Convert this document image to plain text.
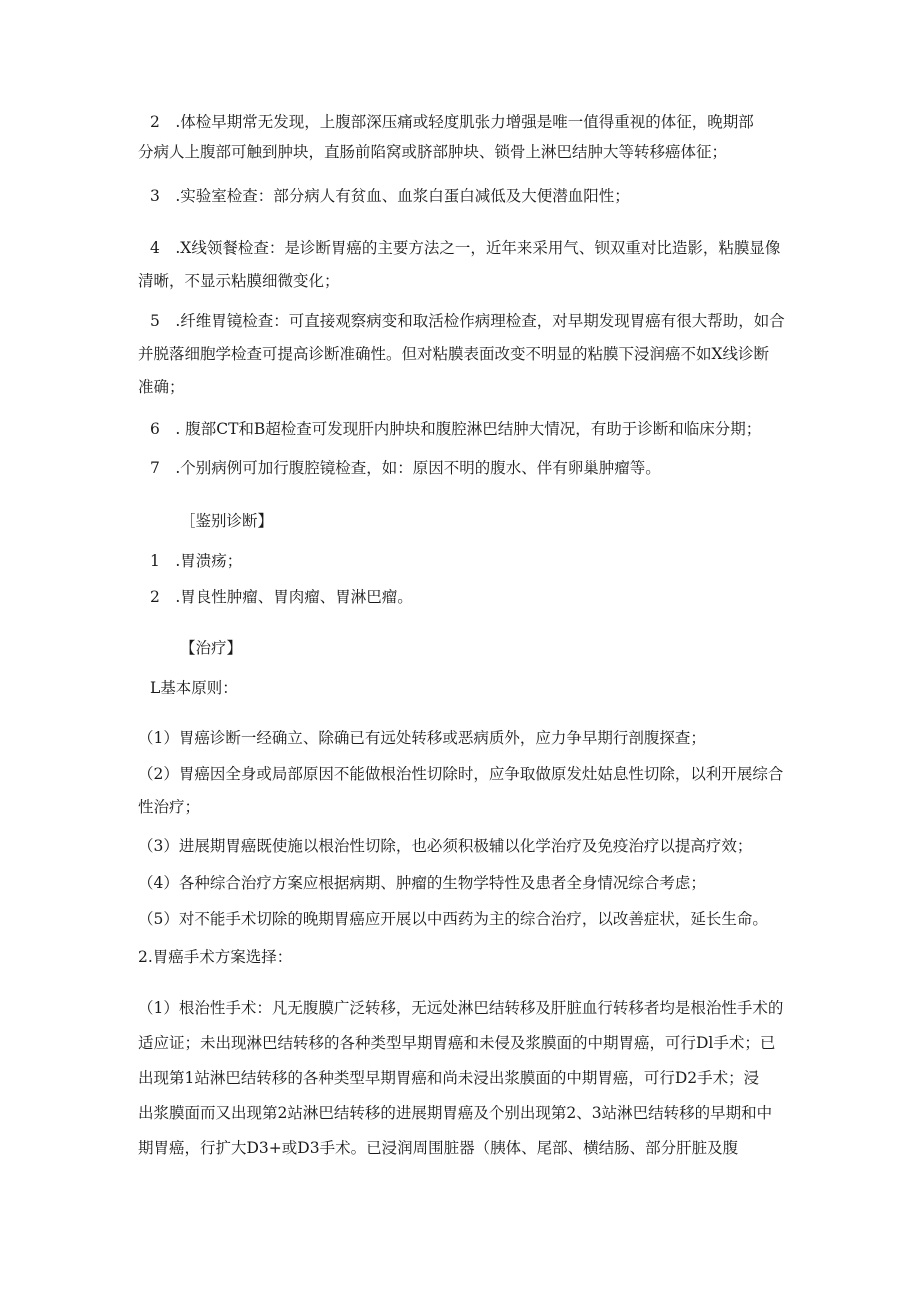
2　.体检早期常无发现，上腹部深压痛或轻度肌张力增强是唯一值得重视的体征，晚期部
分病人上腹部可触到肿块，直肠前陷窝或脐部肿块、锁骨上淋巴结肿大等转移癌体征；

3　.实验室检查：部分病人有贫血、血浆白蛋白减低及大便潜血阳性；

4　.X线领餐检查：是诊断胃癌的主要方法之一，近年来采用气、钡双重对比造影，粘膜显像
清晰，不显示粘膜细微变化；

5　.纤维胃镜检查：可直接观察病变和取活检作病理检查，对早期发现胃癌有很大帮助，如合
并脱落细胞学检查可提高诊断准确性。但对粘膜表面改变不明显的粘膜下浸润癌不如X线诊断
准确；

6　. 腹部CT和B超检查可发现肝内肿块和腹腔淋巴结肿大情况，有助于诊断和临床分期；

7　.个别病例可加行腹腔镜检查，如：原因不明的腹水、伴有卵巢肿瘤等。

［鉴别诊断】

1　.胃溃疡；

2　.胃良性肿瘤、胃肉瘤、胃淋巴瘤。

【治疗】

L基本原则：

（1）胃癌诊断一经确立、除确已有远处转移或恶病质外，应力争早期行剖腹探查；

（2）胃癌因全身或局部原因不能做根治性切除时，应争取做原发灶姑息性切除，以利开展综合
性治疗；

（3）进展期胃癌既使施以根治性切除，也必须积极辅以化学治疗及免疫治疗以提高疗效；

（4）各种综合治疗方案应根据病期、肿瘤的生物学特性及患者全身情况综合考虑；

（5）对不能手术切除的晚期胃癌应开展以中西药为主的综合治疗，以改善症状，延长生命。

2.胃癌手术方案选择：

（1）根治性手术：凡无腹膜广泛转移，无远处淋巴结转移及肝脏血行转移者均是根治性手术的
适应证；未出现淋巴结转移的各种类型早期胃癌和未侵及浆膜面的中期胃癌，可行Dl手术；已
出现第1站淋巴结转移的各种类型早期胃癌和尚未浸出浆膜面的中期胃癌，可行D2手术；浸
出浆膜面而又出现第2站淋巴结转移的进展期胃癌及个别出现第2、3站淋巴结转移的早期和中
期胃癌，行扩大D3+或D3手术。已浸润周围脏器（胰体、尾部、横结肠、部分肝脏及腹
